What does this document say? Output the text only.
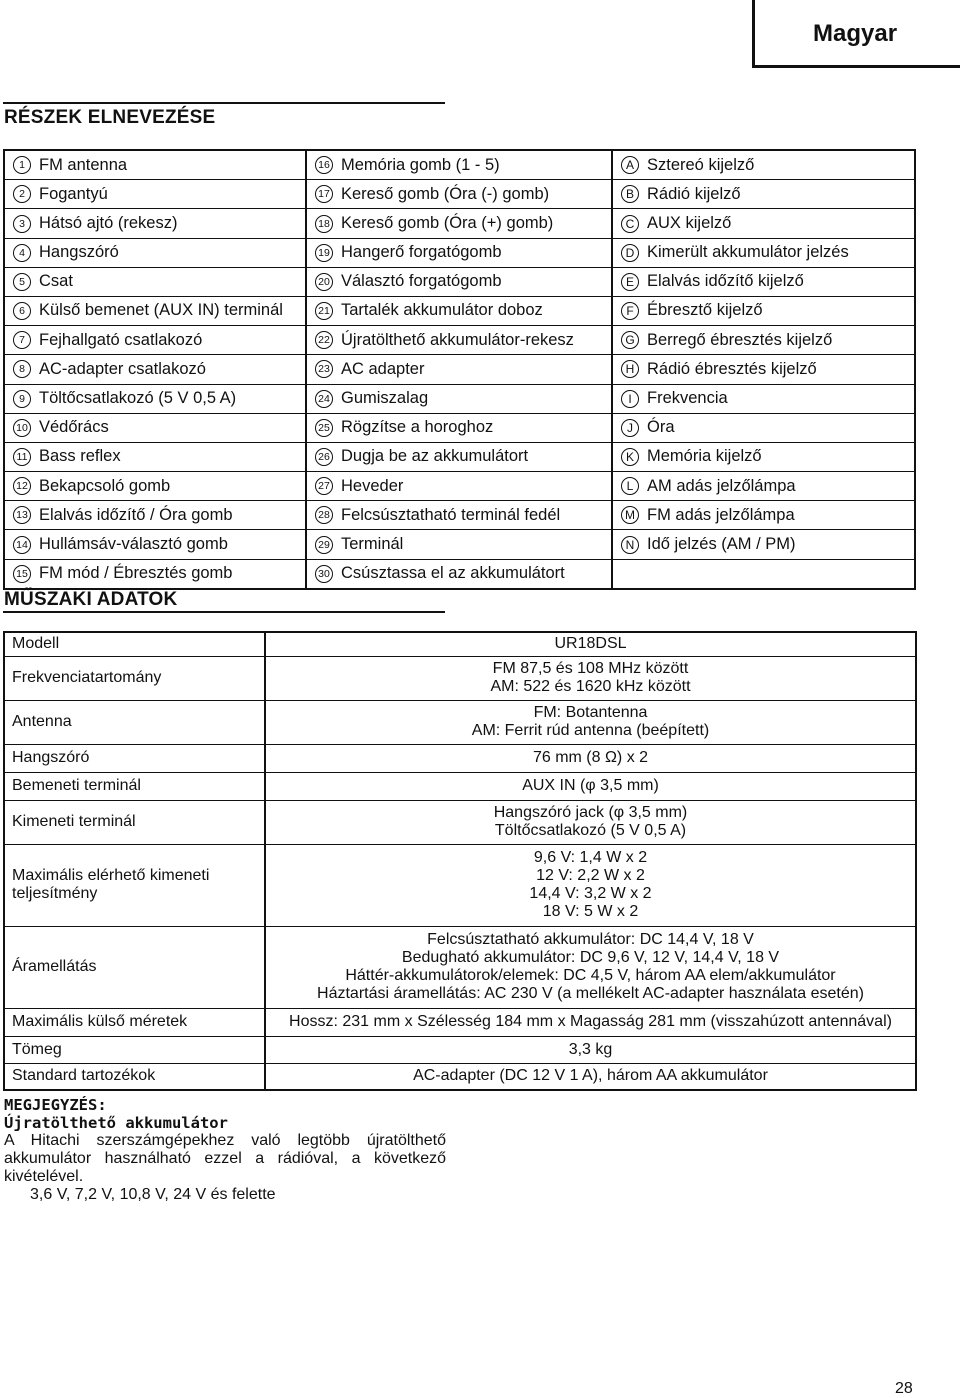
Magyar
RÉSZEK ELNEVEZÉSE
1 FM antenna	16 Memória gomb (1 - 5)	A Sztereó kijelző
2 Fogantyú	17 Kereső gomb (Óra (-) gomb)	B Rádió kijelző
3 Hátsó ajtó (rekesz)	18 Kereső gomb (Óra (+) gomb)	C AUX kijelző
4 Hangszóró	19 Hangerő forgatógomb	D Kimerült akkumulátor jelzés
5 Csat	20 Választó forgatógomb	E Elalvás időzítő kijelző
6 Külső bemenet (AUX IN) terminál	21 Tartalék akkumulátor doboz	F Ébresztő kijelző
7 Fejhallgató csatlakozó	22 Újratölthető akkumulátor-rekesz	G Berregő ébresztés kijelző
8 AC-adapter csatlakozó	23 AC adapter	H Rádió ébresztés kijelző
9 Töltőcsatlakozó (5 V 0,5 A)	24 Gumiszalag	I Frekvencia
10 Védőrács	25 Rögzítse a horoghoz	J Óra
11 Bass reflex	26 Dugja be az akkumulátort	K Memória kijelző
12 Bekapcsoló gomb	27 Heveder	L AM adás jelzőlámpa
13 Elalvás időzítő / Óra gomb	28 Felcsúsztatható terminál fedél	M FM adás jelzőlámpa
14 Hullámsáv-választó gomb	29 Terminál	N Idő jelzés (AM / PM)
15 FM mód / Ébresztés gomb	30 Csúsztassa el az akkumulátort	
MŰSZAKI ADATOK
Modell	UR18DSL
Frekvenciatartomány	FM 87,5 és 108 MHz között
AM: 522 és 1620 kHz között
Antenna	FM: Botantenna
AM: Ferrit rúd antenna (beépített)
Hangszóró	76 mm (8 Ω) x 2
Bemeneti terminál	AUX IN (φ 3,5 mm)
Kimeneti terminál	Hangszóró jack (φ 3,5 mm)
Töltőcsatlakozó (5 V 0,5 A)
Maximális elérhető kimeneti
teljesítmény	9,6 V: 1,4 W x 2
12 V: 2,2 W x 2
14,4 V: 3,2 W x 2
18 V: 5 W x 2
Áramellátás	Felcsúsztatható akkumulátor: DC 14,4 V, 18 V
Bedugható akkumulátor: DC 9,6 V, 12 V, 14,4 V, 18 V
Háttér-akkumulátorok/elemek: DC 4,5 V, három AA elem/akkumulátor
Háztartási áramellátás: AC 230 V (a mellékelt AC-adapter használata esetén)
Maximális külső méretek	Hossz: 231 mm x Szélesség 184 mm x Magasság 281 mm (visszahúzott antennával)
Tömeg	3,3 kg
Standard tartozékok	AC-adapter (DC 12 V 1 A), három AA akkumulátor
MEGJEGYZÉS:
Újratölthető akkumulátor
A Hitachi szerszámgépekhez való legtöbb újratölthető akkumulátor használható ezzel a rádióval, a következő kivételével.
3,6 V, 7,2 V, 10,8 V, 24 V és felette
28
